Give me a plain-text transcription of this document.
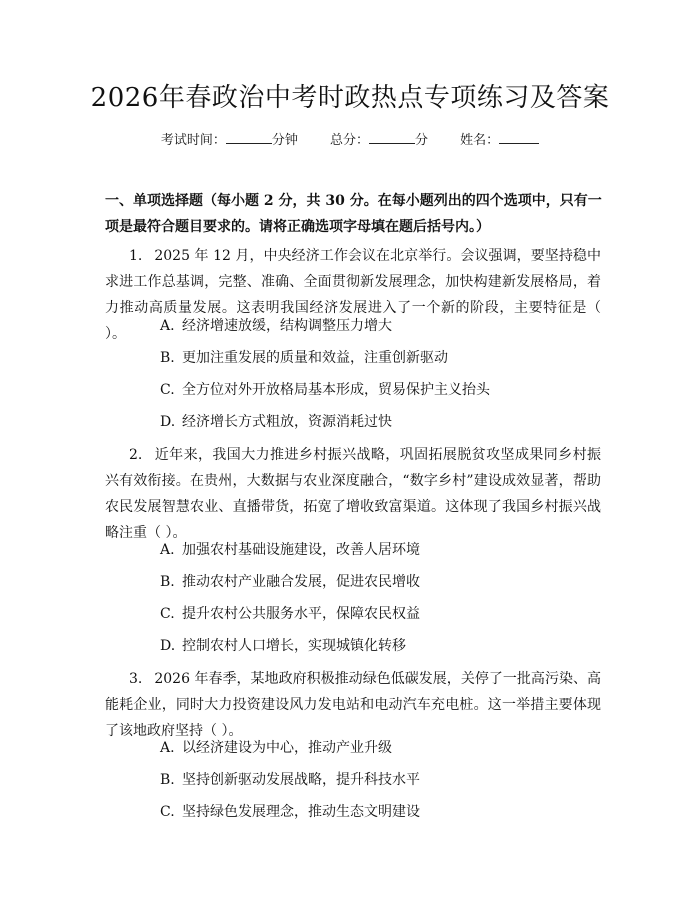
2026年春政治中考时政热点专项练习及答案
考试时间：	分钟 总分：	分 姓名：
一、单项选择题（每小题 2 分，共 30 分。在每小题列出的四个选项中，只有一项是最符合题目要求的。请将正确选项字母填在题后括号内。）
1. 2025 年 12 月，中央经济工作会议在北京举行。会议强调，要坚持稳中求进工作总基调，完整、准确、全面贯彻新发展理念，加快构建新发展格局，着力推动高质量发展。这表明我国经济发展进入了一个新的阶段，主要特征是（ ）。	A. 经济增速放缓，结构调整压力增大
B. 更加注重发展的质量和效益，注重创新驱动
C. 全方位对外开放格局基本形成，贸易保护主义抬头
D. 经济增长方式粗放，资源消耗过快
2. 近年来，我国大力推进乡村振兴战略，巩固拓展脱贫攻坚成果同乡村振兴有效衔接。在贵州，大数据与农业深度融合，“数字乡村”建设成效显著，帮助农民发展智慧农业、直播带货，拓宽了增收致富渠道。这体现了我国乡村振兴战略注重（ ）。
A. 加强农村基础设施建设，改善人居环境
B. 推动农村产业融合发展，促进农民增收
C. 提升农村公共服务水平，保障农民权益
D. 控制农村人口增长，实现城镇化转移
3. 2026 年春季，某地政府积极推动绿色低碳发展，关停了一批高污染、高能耗企业，同时大力投资建设风力发电站和电动汽车充电桩。这一举措主要体现了该地政府坚持（ ）。
A. 以经济建设为中心，推动产业升级
B. 坚持创新驱动发展战略，提升科技水平
C. 坚持绿色发展理念，推动生态文明建设
